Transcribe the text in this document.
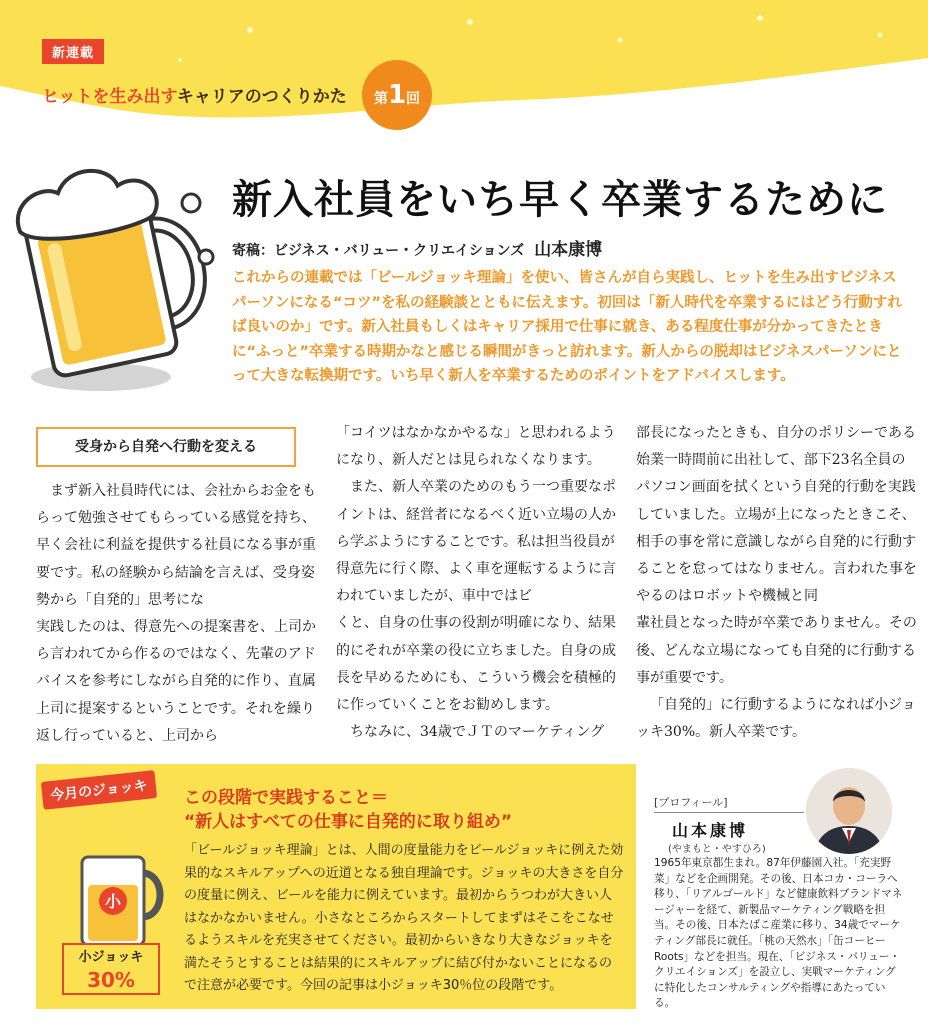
新連載
ヒットを生み出すキャリアのつくりかた	第1回
新入社員をいち早く卒業するために
寄稿：ビジネス・バリュー・クリエイションズ 山本康博
これからの連載では「ビールジョッキ理論」を使い、皆さんが自ら実践し、ヒットを生み出すビジネスパーソンになる“コツ”を私の経験談とともに伝えます。初回は「新人時代を卒業するにはどう行動すれば良いのか」です。新入社員もしくはキャリア採用で仕事に就き、ある程度仕事が分かってきたときに“ふっと”卒業する時期かなと感じる瞬間がきっと訪れます。新人からの脱却はビジネスパーソンにとって大きな転換期です。いち早く新人を卒業するためのポイントをアドバイスします。
受身から自発へ行動を変える

まず新入社員時代には、会社からお金をもらって勉強させてもらっている感覚を持ち、早く会社に利益を提供する社員になる事が重要です。私の経験から結論を言えば、受身姿勢から「自発的」思考にな

実践したのは、得意先への提案書を、上司から言われてから作るのではなく、先輩のアドバイスを参考にしながら自発的に作り、直属上司に提案するということです。それを繰り返し行っていると、上司から

「コイツはなかなかやるな」と思われるようになり、新人だとは見られなくなります。

また、新人卒業のためのもう一つ重要なポイントは、経営者になるべく近い立場の人から学ぶようにすることです。私は担当役員が得意先に行く際、よく車を運転するように言われていましたが、車中ではビ

くと、自身の仕事の役割が明確になり、結果的にそれが卒業の役に立ちました。自身の成長を早めるためにも、こういう機会を積極的に作っていくことをお勧めします。

ちなみに、34歳でＪＴのマーケティング

部長になったときも、自分のポリシーである始業一時間前に出社して、部下23名全員のパソコン画面を拭くという自発的行動を実践していました。立場が上になったときこそ、相手の事を常に意識しながら自発的に行動することを怠ってはなりません。言われた事をやるのはロボットや機械と同

輩社員となった時が卒業でありません。その後、どんな立場になっても自発的に行動する事が重要です。

「自発的」に行動するようになれば小ジョッキ30%。新人卒業です。

今月のジョッキ	この段階で実践すること＝
“新人はすべての仕事に自発的に取り組め”
「ビールジョッキ理論」とは、人間の度量能力をビールジョッキに例えた効果的なスキルアップへの近道となる独自理論です。ジョッキの大きさを自分の度量に例え、ビールを能力に例えています。最初からうつわが大きい人はなかなかいません。小さなところからスタートしてまずはそこをこなせるようスキルを充実させてください。最初からいきなり大きなジョッキを満たそうとすることは結果的にスキルアップに結び付かないことになるので注意が必要です。今回の記事は小ジョッキ30％位の段階です。
小
小ジョッキ
30%
[プロフィール]
山本康博
(やまもと・やすひろ)
1965年東京都生まれ。87年伊藤園入社。「充実野菜」などを企画開発。その後、日本コカ・コーラへ移り、「リアルゴールド」など健康飲料ブランドマネージャーを経て、新製品マーケティング戦略を担当。その後、日本たばこ産業に移り、34歳でマーケティング部長に就任。「桃の天然水」「缶コーヒーRoots」などを担当。現在、「ビジネス・バリュー・クリエイションズ」を設立し、実戦マーケティングに特化したコンサルティングや指導にあたっている。
